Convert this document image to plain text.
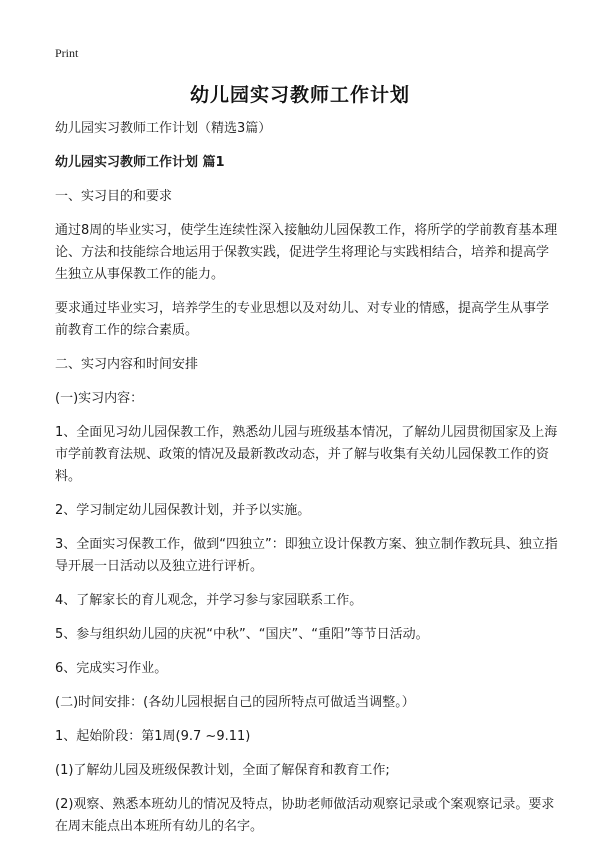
Print
幼儿园实习教师工作计划

幼儿园实习教师工作计划（精选3篇）

幼儿园实习教师工作计划 篇1

一、实习目的和要求

通过8周的毕业实习，使学生连续性深入接触幼儿园保教工作，将所学的学前教育基本理论、方法和技能综合地运用于保教实践，促进学生将理论与实践相结合，培养和提高学生独立从事保教工作的能力。

要求通过毕业实习，培养学生的专业思想以及对幼儿、对专业的情感，提高学生从事学前教育工作的综合素质。

二、实习内容和时间安排

(一)实习内容：

1、全面见习幼儿园保教工作，熟悉幼儿园与班级基本情况，了解幼儿园贯彻国家及上海市学前教育法规、政策的情况及最新教改动态，并了解与收集有关幼儿园保教工作的资料。

2、学习制定幼儿园保教计划，并予以实施。

3、全面实习保教工作，做到“四独立”：即独立设计保教方案、独立制作教玩具、独立指导开展一日活动以及独立进行评析。

4、了解家长的育儿观念，并学习参与家园联系工作。

5、参与组织幼儿园的庆祝“中秋”、“国庆”、“重阳”等节日活动。

6、完成实习作业。

(二)时间安排：(各幼儿园根据自己的园所特点可做适当调整。）

1、起始阶段：第1周(9.7 ~9.11)

(1)了解幼儿园及班级保教计划，全面了解保育和教育工作;

(2)观察、熟悉本班幼儿的情况及特点，协助老师做活动观察记录或个案观察记录。要求在周末能点出本班所有幼儿的名字。
